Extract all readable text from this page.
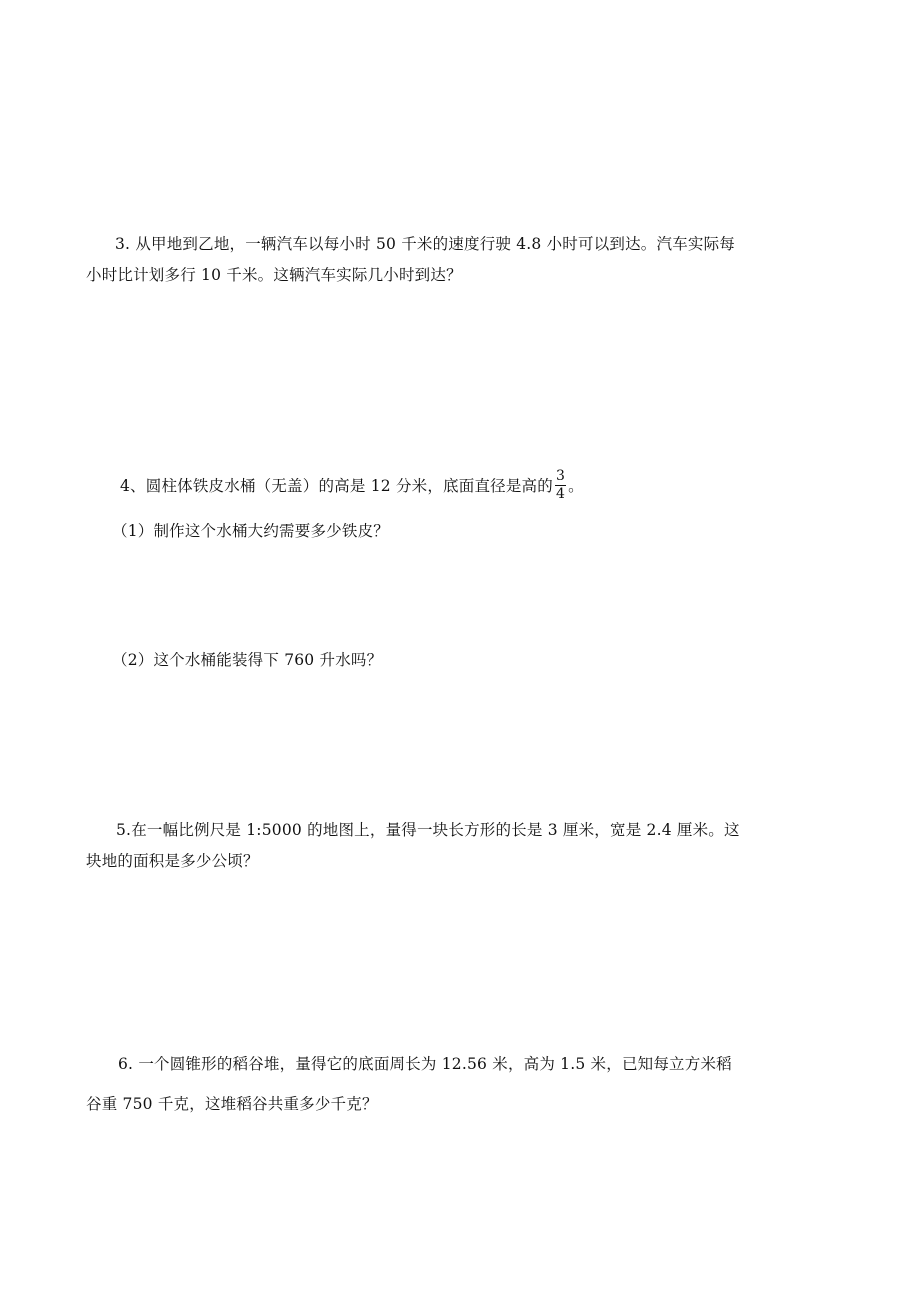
3. 从甲地到乙地，一辆汽车以每小时 50 千米的速度行驶 4.8 小时可以到达。汽车实际每
小时比计划多行 10 千米。这辆汽车实际几小时到达？
4、圆柱体铁皮水桶（无盖）的高是 12 分米，底面直径是高的 $\frac{3}{4}$ 。
（1）制作这个水桶大约需要多少铁皮？
（2）这个水桶能装得下 760 升水吗？
5.在一幅比例尺是 1:5000 的地图上，量得一块长方形的长是 3 厘米，宽是 2.4 厘米。这
块地的面积是多少公顷？
6. 一个圆锥形的稻谷堆，量得它的底面周长为 12.56 米，高为 1.5 米，已知每立方米稻
谷重 750 千克，这堆稻谷共重多少千克？
